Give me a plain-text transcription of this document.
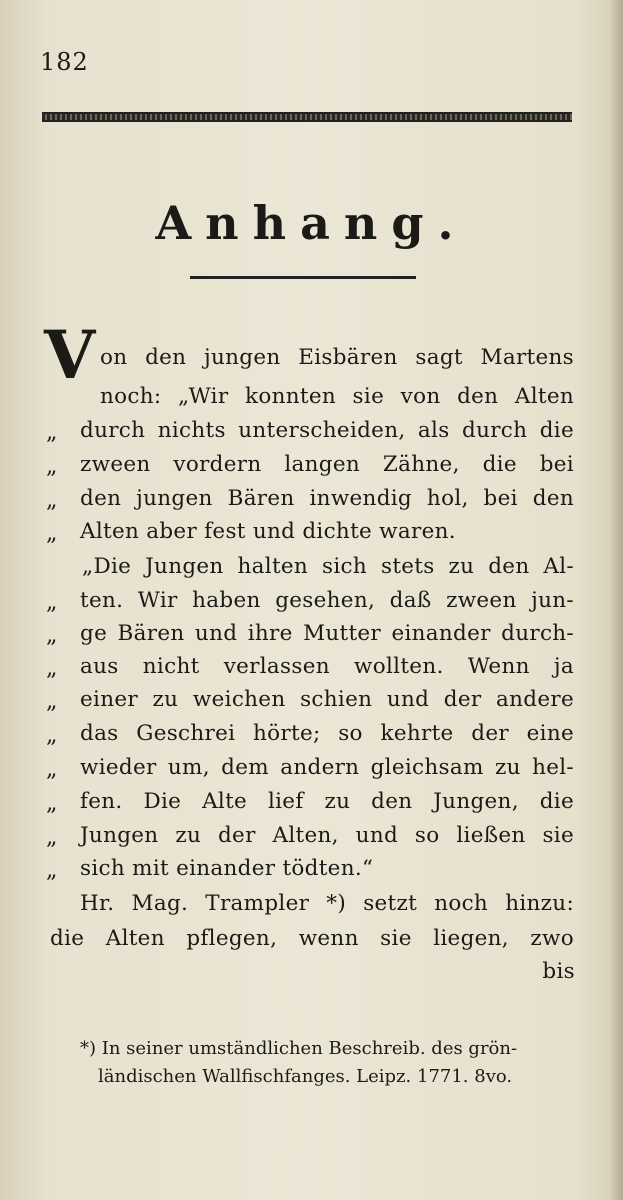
182
Anhang.
V on den jungen Eisbären sagt Martens
noch: „Wir konnten sie von den Alten
„ durch nichts unterscheiden, als durch die
„ zween vordern langen Zähne, die bei
„ den jungen Bären inwendig hol, bei den
„ Alten aber fest und dichte waren.
„Die Jungen halten sich stets zu den Al-
„ ten. Wir haben gesehen, daß zween jun-
„ ge Bären und ihre Mutter einander durch-
„ aus nicht verlassen wollten. Wenn ja
„ einer zu weichen schien und der andere
„ das Geschrei hörte; so kehrte der eine
„ wieder um, dem andern gleichsam zu hel-
„ fen. Die Alte lief zu den Jungen, die
„ Jungen zu der Alten, und so ließen sie
„ sich mit einander tödten.“
Hr. Mag. Trampler *) setzt noch hinzu:
die Alten pflegen, wenn sie liegen, zwo
bis
*) In seiner umständlichen Beschreib. des grön-
ländischen Wallfischfanges. Leipz. 1771. 8vo.
